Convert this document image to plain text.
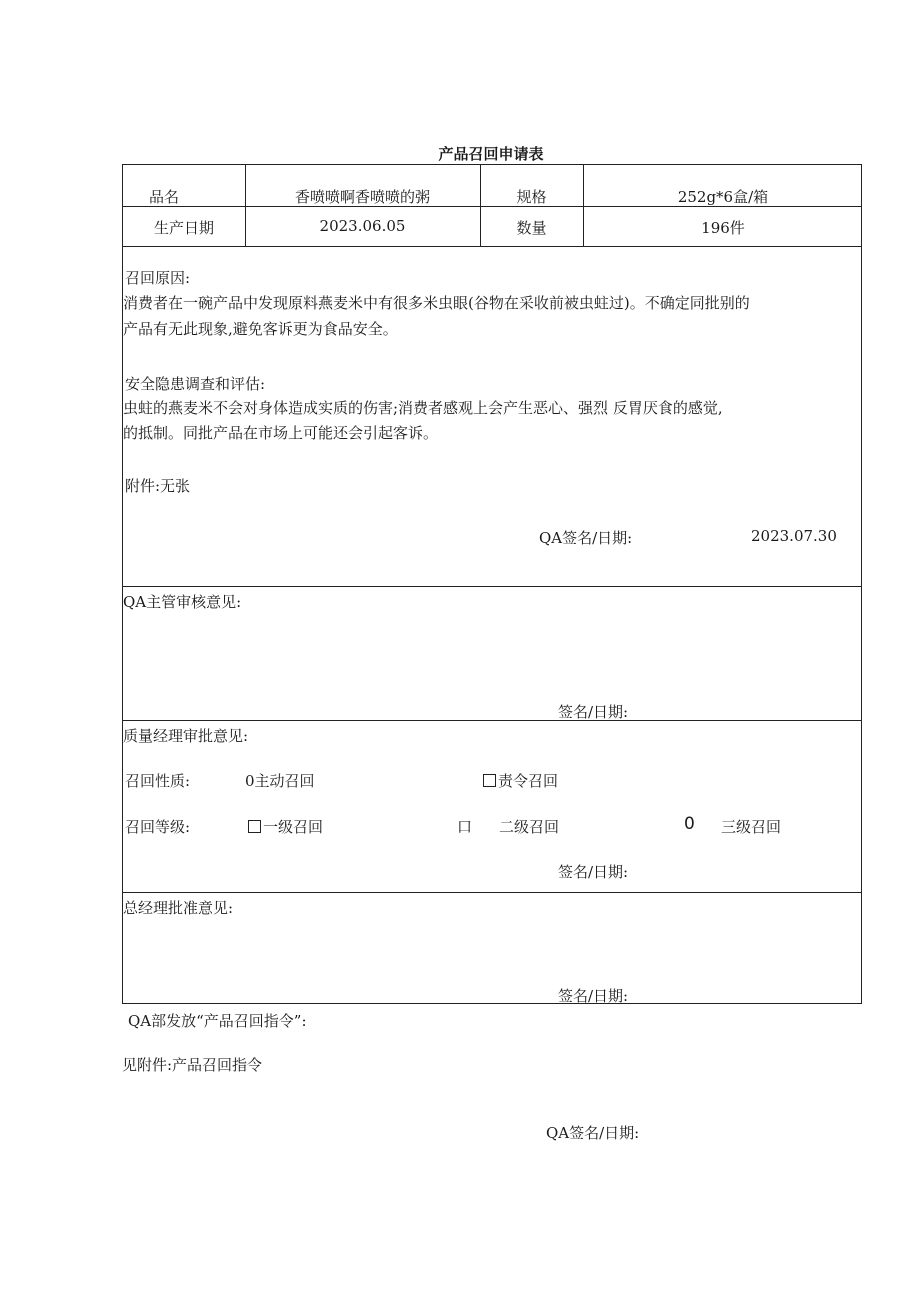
产品召回申请表
品名	香喷喷啊香喷喷的粥	规格	252g*6盒/箱
生产日期	2023.06.05	数量	196件
召回原因:
消费者在一碗产品中发现原料燕麦米中有很多米虫眼(谷物在采收前被虫蛀过)。不确定同批别的
产品有无此现象,避免客诉更为食品安全。
安全隐患调查和评估:
虫蛀的燕麦米不会对身体造成实质的伤害;消费者感观上会产生恶心、强烈 反胃厌食的感觉,
的抵制。同批产品在市场上可能还会引起客诉。
附件:无张
QA签名/日期:	2023.07.30
QA主管审核意见:
签名/日期:
质量经理审批意见:
召回性质:	0主动召回	责令召回
召回等级:	一级召回	口 二级召回	0 三级召回
签名/日期:
总经理批准意见:
签名/日期:
QA部发放“产品召回指令”:
见附件:产品召回指令
QA签名/日期:
